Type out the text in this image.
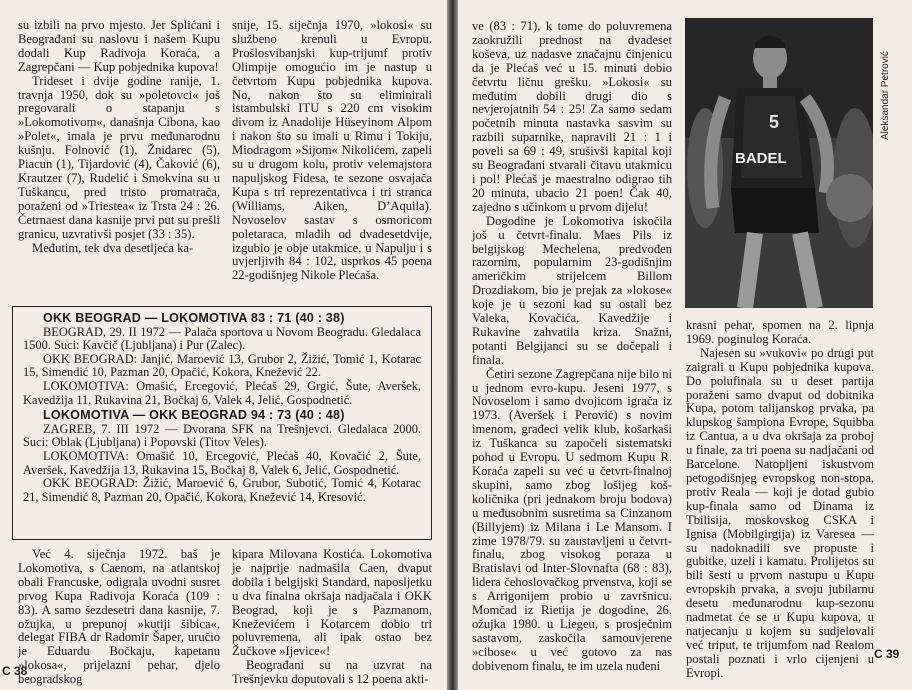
su izbili na prvo mjesto. Jer Splićani i Beograđani su naslovu i našem Kupu dodali Kup Radivoja Koraća, a Zagrepčani — Kup pobjednika kupova!

Trideset i dvije godine ranije, 1. travnja 1950, dok su »poletovci« još pregovarali o stapanju s »Lokomotivom«, današnja Cibona, kao »Polet«, imala je prvu međunarodnu kušnju. Folnović (1), Žnidarec (5), Piacun (1), Tijardović (4), Čaković (6), Krautzer (7), Rudelić i Smokvina su u Tuškancu, pred tristo promatrača, poraženi od »Triestea« iz Trsta 24 : 26. Četrnaest dana kasnije prvi put su prešli granicu, uzvrativši posjet (33 : 35).

Međutim, tek dva desetljeća ka-

snije, 15. siječnja 1970, »lokosi« su službeno krenuli u Evropu. Prošlosvibanjski kup-trijumf protiv Olimpije omogućio im je nastup u četvrtom Kupu pobjednika kupova. No, nakon što su eliminirali istambulski ITU s 220 cm visokim divom iz Anadolije Hüseyinom Alpom i nakon što su imali u Rimu i Tokiju, Miodragom »Sijom« Nikolićem, zapeli su u drugom kolu, protiv velemajstora napuljskog Fidesa, te sezone osvajača Kupa s tri reprezentativca i tri stranca (Williams, Aiken, D’Aquila). Novoselov sastav s osmoricom poletaraca, mlađih od dvadesetdvije, izgubio je obje utakmice, u Napulju i s uvjerljivih 84 : 102, usprkos 45 poena 22-godišnjeg Nikole Plećaša.

OKK BEOGRAD — LOKOMOTIVA 83 : 71 (40 : 38)

BEOGRAD, 29. II 1972 — Palača sportova u Novom Beogradu. Gledalaca 1500. Suci: Kavčič (Ljubljana) i Pur (Zalec).

OKK BEOGRAD: Janjić, Maroević 13, Grubor 2, Žižić, Tomić 1, Kotarac 15, Simendić 10, Pazman 20, Opačić, Kokora, Knežević 22.

LOKOMOTIVA: Omašić, Ercegović, Plećaš 29, Grgić, Šute, Averšek, Kavedžija 11, Rukavina 21, Bočkaj 6, Valek 4, Jelić, Gospodnetić.

LOKOMOTIVA — OKK BEOGRAD 94 : 73 (40 : 48)

ZAGREB, 7. III 1972 — Dvorana SFK na Trešnjevci. Gledalaca 2000. Suci: Oblak (Ljubljana) i Popovski (Titov Veles).

LOKOMOTIVA: Omašić 10, Ercegović, Plećaš 40, Kovačić 2, Šute, Averšek, Kavedžija 13, Rukavina 15, Bočkaj 8, Valek 6, Jelić, Gospodnetić.

OKK BEOGRAD: Žižić, Maroević 6, Grubor, Subotić, Tomić 4, Kotarac 21, Simendić 8, Pazman 20, Opačić, Kokora, Knežević 14, Kresović.

Već 4. siječnja 1972. baš je Lokomotiva, s Caenom, na atlantskoj obali Francuske, odigrala uvodni susret prvog Kupa Radivoja Koraća (109 : 83). A samo šezdesetri dana kasnije, 7. ožujka, u prepunoj »kutiji šibica«, delegat FIBA dr Radomir Šaper, uručio je Eduardu Bočkaju, kapetanu »lokosa«, prijelazni pehar, djelo beogradskog

kipara Milovana Kostića. Lokomotiva je najprije nadmašila Caen, dvaput dobila i belgijski Standard, naposljetku u dva finalna okršaja nadjačala i OKK Beograd, koji je s Pazmanom, Kneževićem i Kotarcem dobio tri poluvremena, ali ipak ostao bez Žučkove »Ijevice«!

Beograđani su na uzvrat na Trešnjevku doputovali s 12 poena akti-

C 38

ve (83 : 71), k tome do poluvremena zaokružili prednost na dvadeset koševa, uz nadasve značajnu činjenicu da je Plećaš već u 15. minuti dobio četvrtu ličnu grešku. »Lokosi« su međutim dobili drugi dio s nevjerojatnih 54 : 25! Za samo sedam početnih minuta nastavka sasvim su razbili suparnike, napravili 21 : 1 i poveli sa 69 : 49, srušivši kapital koji su Beograđani stvarali čitavu utakmicu i pol! Plećaš je maestralno odigrao tih 20 minuta, ubacio 21 poen! Čak 40, zajedno s učinkom u prvom dijelu!

Dogodine je Lokomotiva iskočila još u četvrt-finalu. Maes Pils iz belgijskog Mechelena, predvođen razornim, popularnim 23-godišnjim američkim strijelcem Billom Drozdiakom, bio je prejak za »lokose« koje je u sezoni kad su ostali bez Valeka, Kovačića, Kavedžije i Rukavine zahvatila kriza. Snažni, potanti Belgijanci su se dočepali i finala.

Četiri sezone Zagrepčana nije bilo ni u jednom evro-kupu. Jeseni 1977, s Novoselom i samo dvojicom igrača iz 1973. (Averšek i Perović) s novim imenom, građeci velik klub, košarkaši iz Tuškanca su započeli sistematski pohod u Evropu. U sedmom Kupu R. Koraća zapeli su već u četvrt-finalnoj skupini, samo zbog lošijeg koš-količnika (pri jednakom broju bodova) u međusobnim susretima sa Cinzanom (Billyjem) iz Milana i Le Mansom. I zime 1978/79. su zaustavljeni u četvrt-finalu, zbog visokog poraza u Bratislavi od Inter-Slovnafta (68 : 83), lidera čehoslovačkog prvenstva, koji se s Arrigonijem probio u završnicu. Momčad iz Rietija je dogodine, 26. ožujka 1980. u Liegeu, s prosječnim sastavom, zaskočila samouvjerene »cibose« u već gotovo za nas dobivenom finalu, te im uzela nuđeni

5
BADEL
Aleksandar Petrović

krasni pehar, spomen na 2. lipnja 1969. poginulog Koraća.

Najesen su »vukovi« po drugi put zaigrali u Kupu pobjednika kupova. Do polufinala su u deset partija poraženi samo dvaput od dobitnika Kupa, potom talijanskog prvaka, pa klupskog šampiona Evrope, Squibba iz Cantua, a u dva okršaja za proboj u finale, za tri poena su nadjačani od Barcelone. Natopljeni iskustvom petogodišnjeg evropskog non-stopa, protiv Reala — koji je dotad gubio kup-finala samo od Dinama iz Tbilisija, moskovskog CSKA i Ignisa (Mobilgirgija) iz Varesea — su nadoknadili sve propuste i gubitke, uzeli i kamatu. Prolijetos su bili šesti u prvom nastupu u Kupu evropskih prvaka, a svoju jubilarnu desetu međunarodnu kup-sezonu nadmetat će se u Kupu kupova, u natjecanju u kojem su sudjelovali već triput, te trijumfom nad Realom postali poznati i vrlo cijenjeni u Evropi.

C 39
